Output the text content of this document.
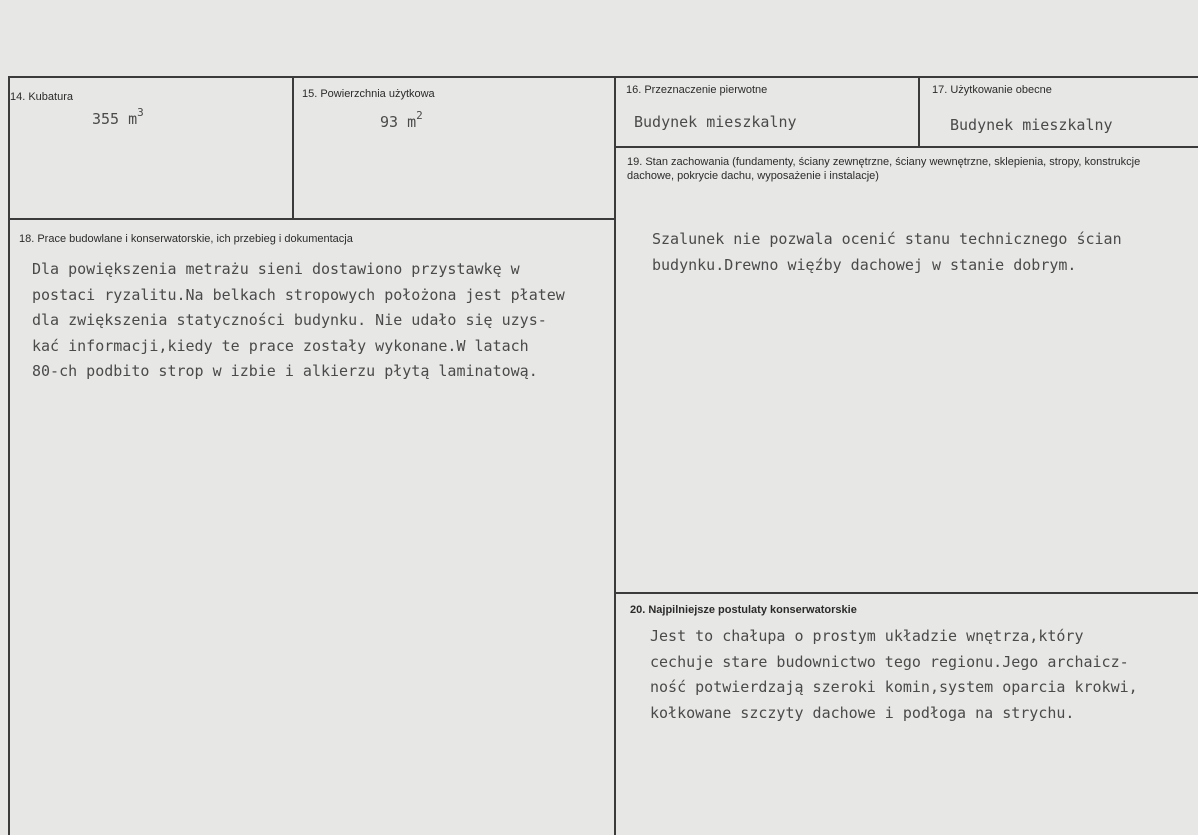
14. Kubatura
355 $m^3$
15. Powierzchnia użytkowa
93 $m^2$
16. Przeznaczenie pierwotne
Budynek mieszkalny
17. Użytkowanie obecne
Budynek mieszkalny
19. Stan zachowania (fundamenty, ściany zewnętrzne, ściany wewnętrzne, sklepienia, stropy, konstrukcje dachowe, pokrycie dachu, wyposażenie i instalacje)
Szalunek nie pozwala ocenić stanu technicznego ścian
budynku.Drewno więźby dachowej w stanie dobrym.
18. Prace budowlane i konserwatorskie, ich przebieg i dokumentacja
Dla powiększenia metrażu sieni dostawiono przystawkę w
postaci ryzalitu.Na belkach stropowych położona jest płatew
dla zwiększenia statyczności budynku. Nie udało się uzys-
kać informacji,kiedy te prace zostały wykonane.W latach
80-ch podbito strop w izbie i alkierzu płytą laminatową.
20. Najpilniejsze postulaty konserwatorskie
Jest to chałupa o prostym układzie wnętrza,który
cechuje stare budownictwo tego regionu.Jego archaicz-
ność potwierdzają szeroki komin,system oparcia krokwi,
kołkowane szczyty dachowe i podłoga na strychu.
